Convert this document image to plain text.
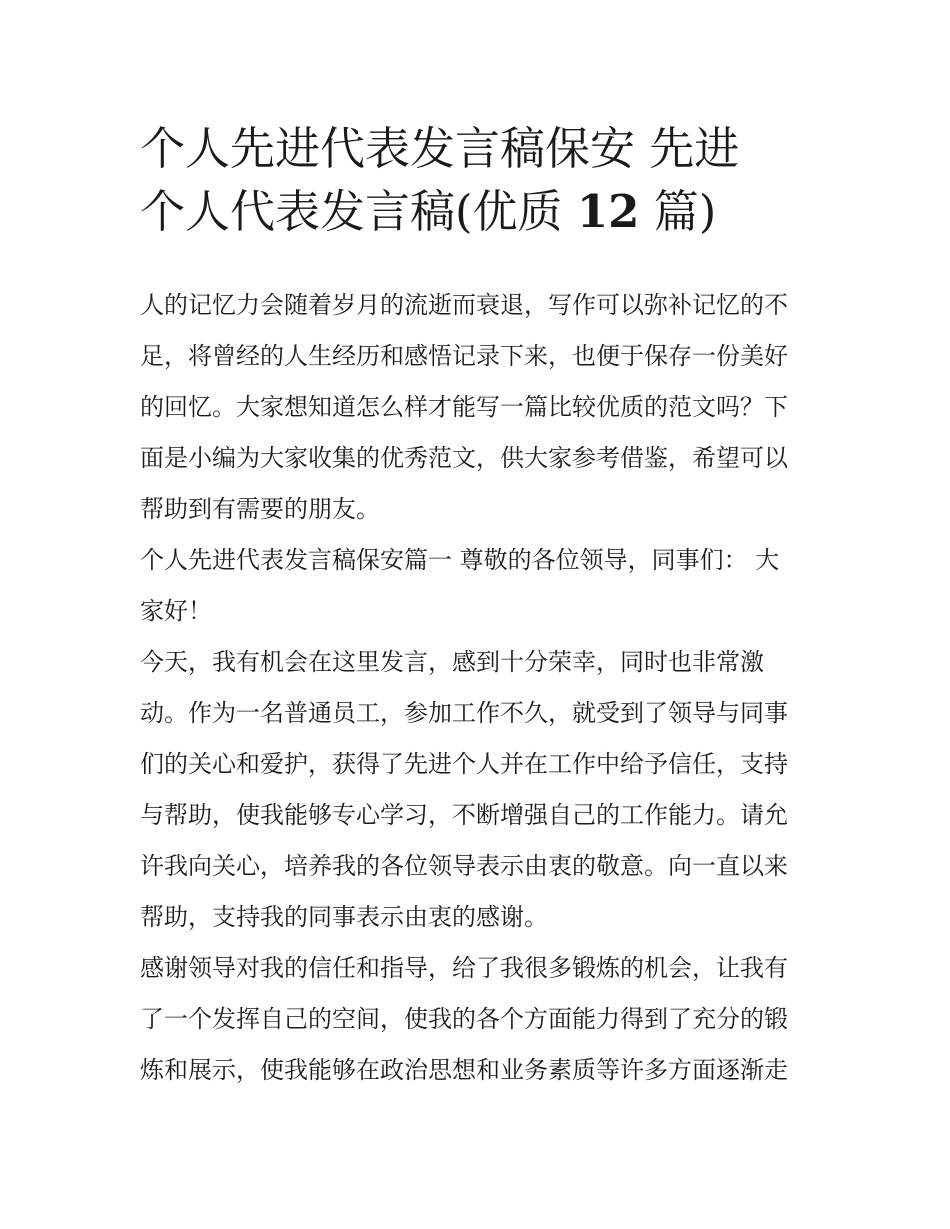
个人先进代表发言稿保安 先进
个人代表发言稿(优质 12 篇)
人的记忆力会随着岁月的流逝而衰退，写作可以弥补记忆的不
足，将曾经的人生经历和感悟记录下来，也便于保存一份美好
的回忆。大家想知道怎么样才能写一篇比较优质的范文吗？下
面是小编为大家收集的优秀范文，供大家参考借鉴，希望可以
帮助到有需要的朋友。
个人先进代表发言稿保安篇一 尊敬的各位领导，同事们： 大
家好！
今天，我有机会在这里发言，感到十分荣幸，同时也非常激
动。作为一名普通员工，参加工作不久，就受到了领导与同事
们的关心和爱护，获得了先进个人并在工作中给予信任，支持
与帮助，使我能够专心学习，不断增强自己的工作能力。请允
许我向关心，培养我的各位领导表示由衷的敬意。向一直以来
帮助，支持我的同事表示由衷的感谢。
感谢领导对我的信任和指导，给了我很多锻炼的机会，让我有
了一个发挥自己的空间，使我的各个方面能力得到了充分的锻
炼和展示，使我能够在政治思想和业务素质等许多方面逐渐走
